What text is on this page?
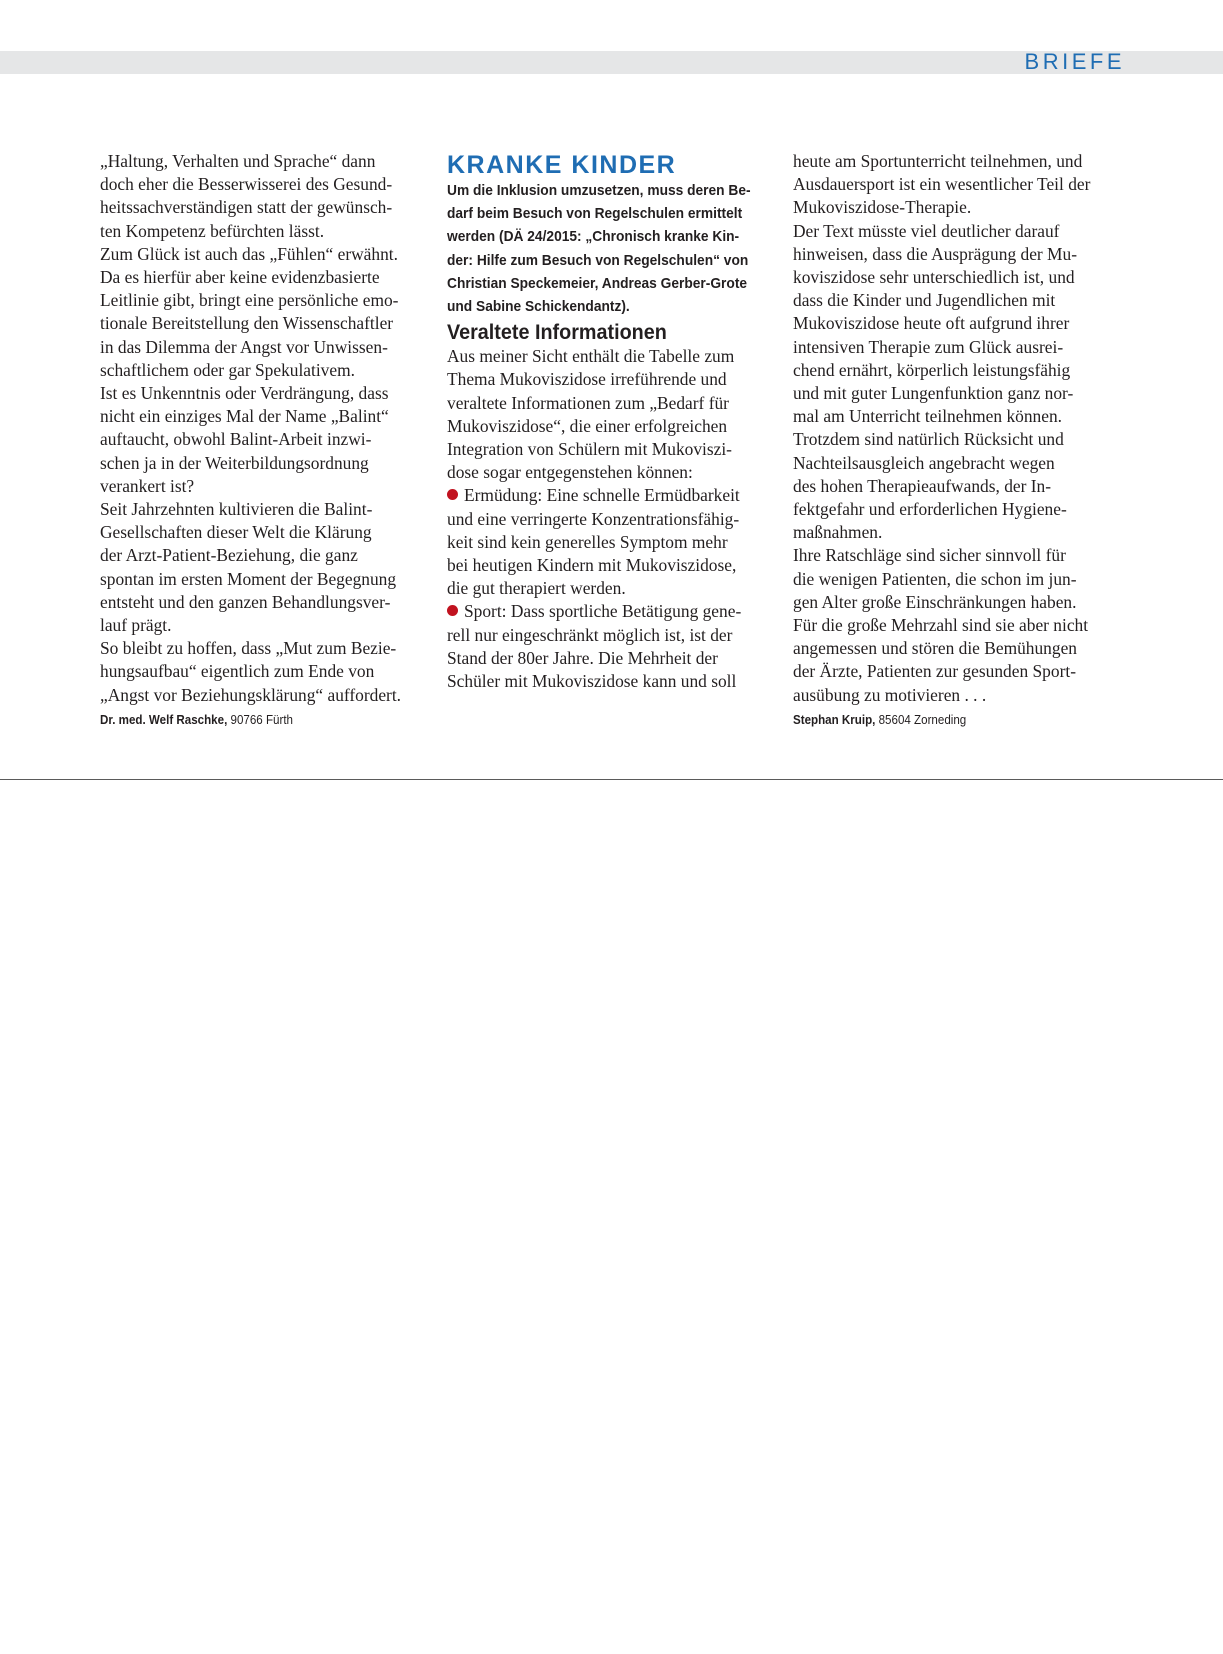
BRIEFE

„Haltung, Verhalten und Sprache“ dann

doch eher die Besserwisserei des Gesund-

heitssachverständigen statt der gewünsch-

ten Kompetenz befürchten lässt.

Zum Glück ist auch das „Fühlen“ erwähnt.

Da es hierfür aber keine evidenzbasierte

Leitlinie gibt, bringt eine persönliche emo-

tionale Bereitstellung den Wissenschaftler

in das Dilemma der Angst vor Unwissen-

schaftlichem oder gar Spekulativem.

Ist es Unkenntnis oder Verdrängung, dass

nicht ein einziges Mal der Name „Balint“

auftaucht, obwohl Balint-Arbeit inzwi-

schen ja in der Weiterbildungsordnung

verankert ist?

Seit Jahrzehnten kultivieren die Balint-

Gesellschaften dieser Welt die Klärung

der Arzt-Patient-Beziehung, die ganz

spontan im ersten Moment der Begegnung

entsteht und den ganzen Behandlungsver-

lauf prägt.

So bleibt zu hoffen, dass „Mut zum Bezie-

hungsaufbau“ eigentlich zum Ende von

„Angst vor Beziehungsklärung“ auffordert.

Dr. med. Welf Raschke, 90766 Fürth

KRANKE KINDER

Um die Inklusion umzusetzen, muss deren Be-

darf beim Besuch von Regelschulen ermittelt

werden (DÄ 24/2015: „Chronisch kranke Kin-

der: Hilfe zum Besuch von Regelschulen“ von

Christian Speckemeier, Andreas Gerber-Grote

und Sabine Schickendantz).

Veraltete Informationen

Aus meiner Sicht enthält die Tabelle zum

Thema Mukoviszidose irreführende und

veraltete Informationen zum „Bedarf für

Mukoviszidose“, die einer erfolgreichen

Integration von Schülern mit Mukoviszi-

dose sogar entgegenstehen können:

Ermüdung: Eine schnelle Ermüdbarkeit

und eine verringerte Konzentrationsfähig-

keit sind kein generelles Symptom mehr

bei heutigen Kindern mit Mukoviszidose,

die gut therapiert werden.

Sport: Dass sportliche Betätigung gene-

rell nur eingeschränkt möglich ist, ist der

Stand der 80er Jahre. Die Mehrheit der

Schüler mit Mukoviszidose kann und soll

heute am Sportunterricht teilnehmen, und

Ausdauersport ist ein wesentlicher Teil der

Mukoviszidose-Therapie.

Der Text müsste viel deutlicher darauf

hinweisen, dass die Ausprägung der Mu-

koviszidose sehr unterschiedlich ist, und

dass die Kinder und Jugendlichen mit

Mukoviszidose heute oft aufgrund ihrer

intensiven Therapie zum Glück ausrei-

chend ernährt, körperlich leistungsfähig

und mit guter Lungenfunktion ganz nor-

mal am Unterricht teilnehmen können.

Trotzdem sind natürlich Rücksicht und

Nachteilsausgleich angebracht wegen

des hohen Therapieaufwands, der In-

fektgefahr und erforderlichen Hygiene-

maßnahmen.

Ihre Ratschläge sind sicher sinnvoll für

die wenigen Patienten, die schon im jun-

gen Alter große Einschränkungen haben.

Für die große Mehrzahl sind sie aber nicht

angemessen und stören die Bemühungen

der Ärzte, Patienten zur gesunden Sport-

ausübung zu motivieren . . .

Stephan Kruip, 85604 Zorneding
